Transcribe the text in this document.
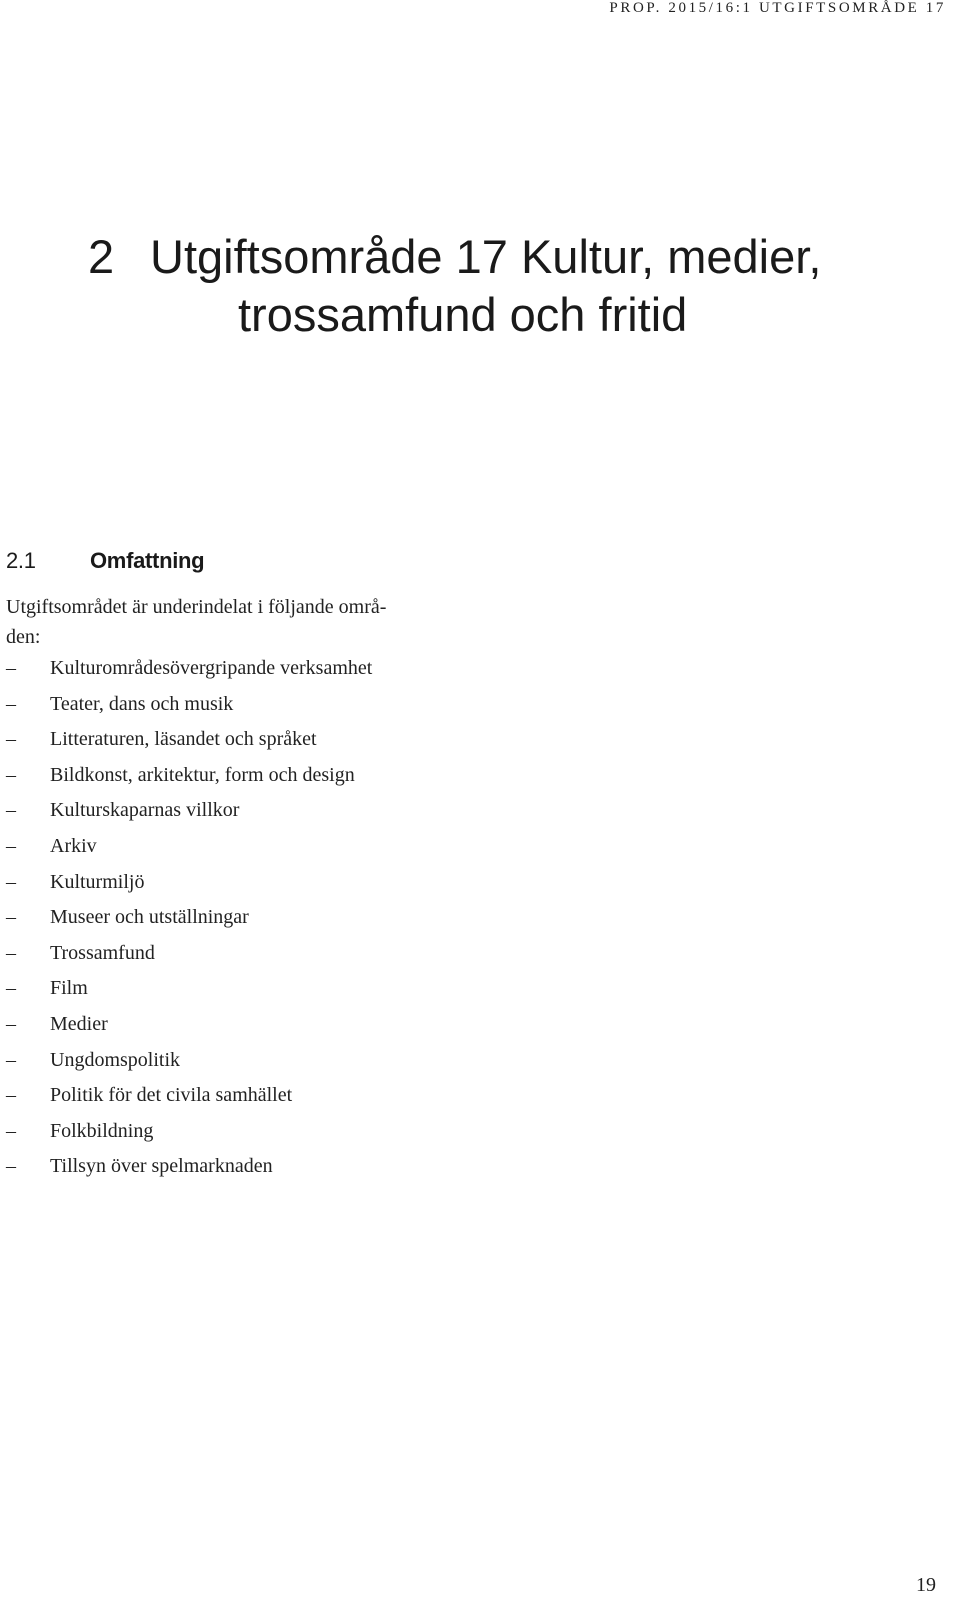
PROP. 2015/16:1 UTGIFTSOMRÅDE 17
2 Utgiftsområde 17 Kultur, medier,
trossamfund och fritid
2.1 Omfattning

Utgiftsområdet är underindelat i följande områ-
den:

–	Kulturområdesövergripande verksamhet
–	Teater, dans och musik
–	Litteraturen, läsandet och språket
–	Bildkonst, arkitektur, form och design
–	Kulturskaparnas villkor
–	Arkiv
–	Kulturmiljö
–	Museer och utställningar
–	Trossamfund
–	Film
–	Medier
–	Ungdomspolitik
–	Politik för det civila samhället
–	Folkbildning
–	Tillsyn över spelmarknaden
19
